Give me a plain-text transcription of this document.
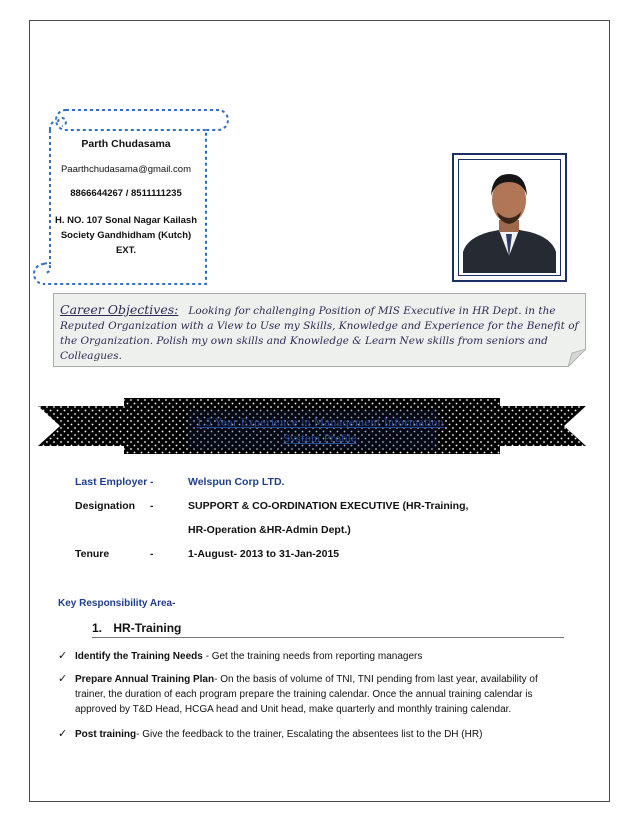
Parth Chudasama
Paarthchudasama@gmail.com
8866644267 / 8511111235
H. NO. 107 Sonal Nagar Kailash Society Gandhidham (Kutch) EXT.
Career Objectives: Looking for challenging Position of MIS Executive in HR Dept. in the Reputed Organization with a View to Use my Skills, Knowledge and Experience for the Benefit of the Organization. Polish my own skills and Knowledge & Learn New skills from seniors and Colleagues.
1.5 Year Experience in Management Information
System Profile
Last Employer -	Welspun Corp LTD.
Designation -	SUPPORT & CO-ORDINATION EXECUTIVE (HR-Training,
HR-Operation &HR-Admin Dept.)
Tenure	-	1-August- 2013 to 31-Jan-2015
Key Responsibility Area-
1. HR-Training
✓ Identify the Training Needs - Get the training needs from reporting managers
✓ Prepare Annual Training Plan- On the basis of volume of TNI, TNI pending from last year, availability of trainer, the duration of each program prepare the training calendar. Once the annual training calendar is approved by T&D Head, HCGA head and Unit head, make quarterly and monthly training calendar.
✓ Post training- Give the feedback to the trainer, Escalating the absentees list to the DH (HR)
